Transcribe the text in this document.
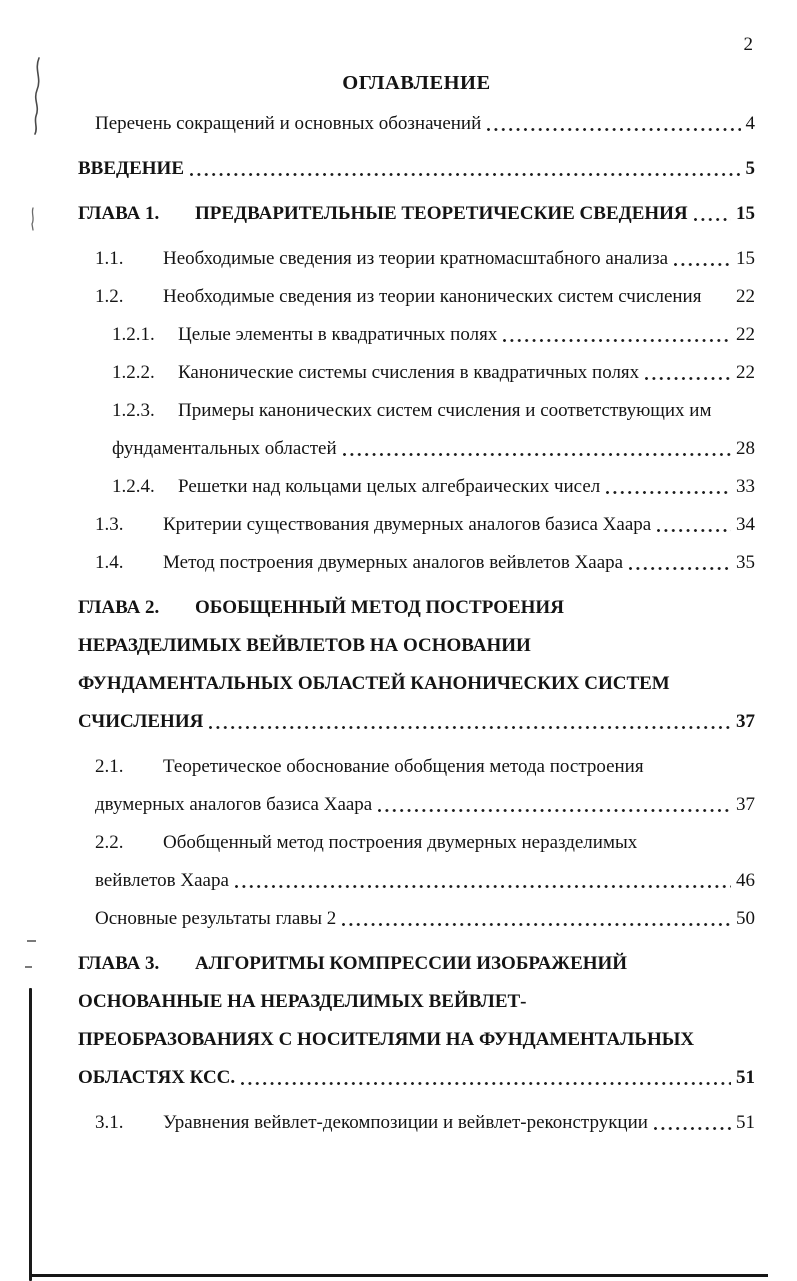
2
ОГЛАВЛЕНИЕ
Перечень сокращений и основных обозначений	4
ВВЕДЕНИЕ	5
ГЛАВА 1.	ПРЕДВАРИТЕЛЬНЫЕ ТЕОРЕТИЧЕСКИЕ СВЕДЕНИЯ	15
1.1.	Необходимые сведения из теории кратномасштабного анализа	15
1.2.	Необходимые сведения из теории канонических систем счисления 22
1.2.1.	Целые элементы в квадратичных полях	22
1.2.2.	Канонические системы счисления в квадратичных полях	22
1.2.3. Примеры канонических систем счисления и соответствующих им
фундаментальных областей	28
1.2.4.	Решетки над кольцами целых алгебраических чисел	33
1.3.	Критерии существования двумерных аналогов базиса Хаара	34
1.4.	Метод построения двумерных аналогов вейвлетов Хаара	35
ГЛАВА 2. ОБОБЩЕННЫЙ МЕТОД ПОСТРОЕНИЯ
НЕРАЗДЕЛИМЫХ ВЕЙВЛЕТОВ НА ОСНОВАНИИ
ФУНДАМЕНТАЛЬНЫХ ОБЛАСТЕЙ КАНОНИЧЕСКИХ СИСТЕМ
СЧИСЛЕНИЯ	37
2.1. Теоретическое обоснование обобщения метода построения
двумерных аналогов базиса Хаара	37
2.2. Обобщенный метод построения двумерных неразделимых
вейвлетов Хаара	46
Основные результаты главы 2	50
ГЛАВА 3. АЛГОРИТМЫ КОМПРЕССИИ ИЗОБРАЖЕНИЙ
ОСНОВАННЫЕ НА НЕРАЗДЕЛИМЫХ ВЕЙВЛЕТ-
ПРЕОБРАЗОВАНИЯХ С НОСИТЕЛЯМИ НА ФУНДАМЕНТАЛЬНЫХ
ОБЛАСТЯХ КСС.	51
3.1.	Уравнения вейвлет-декомпозиции и вейвлет-реконструкции	51
